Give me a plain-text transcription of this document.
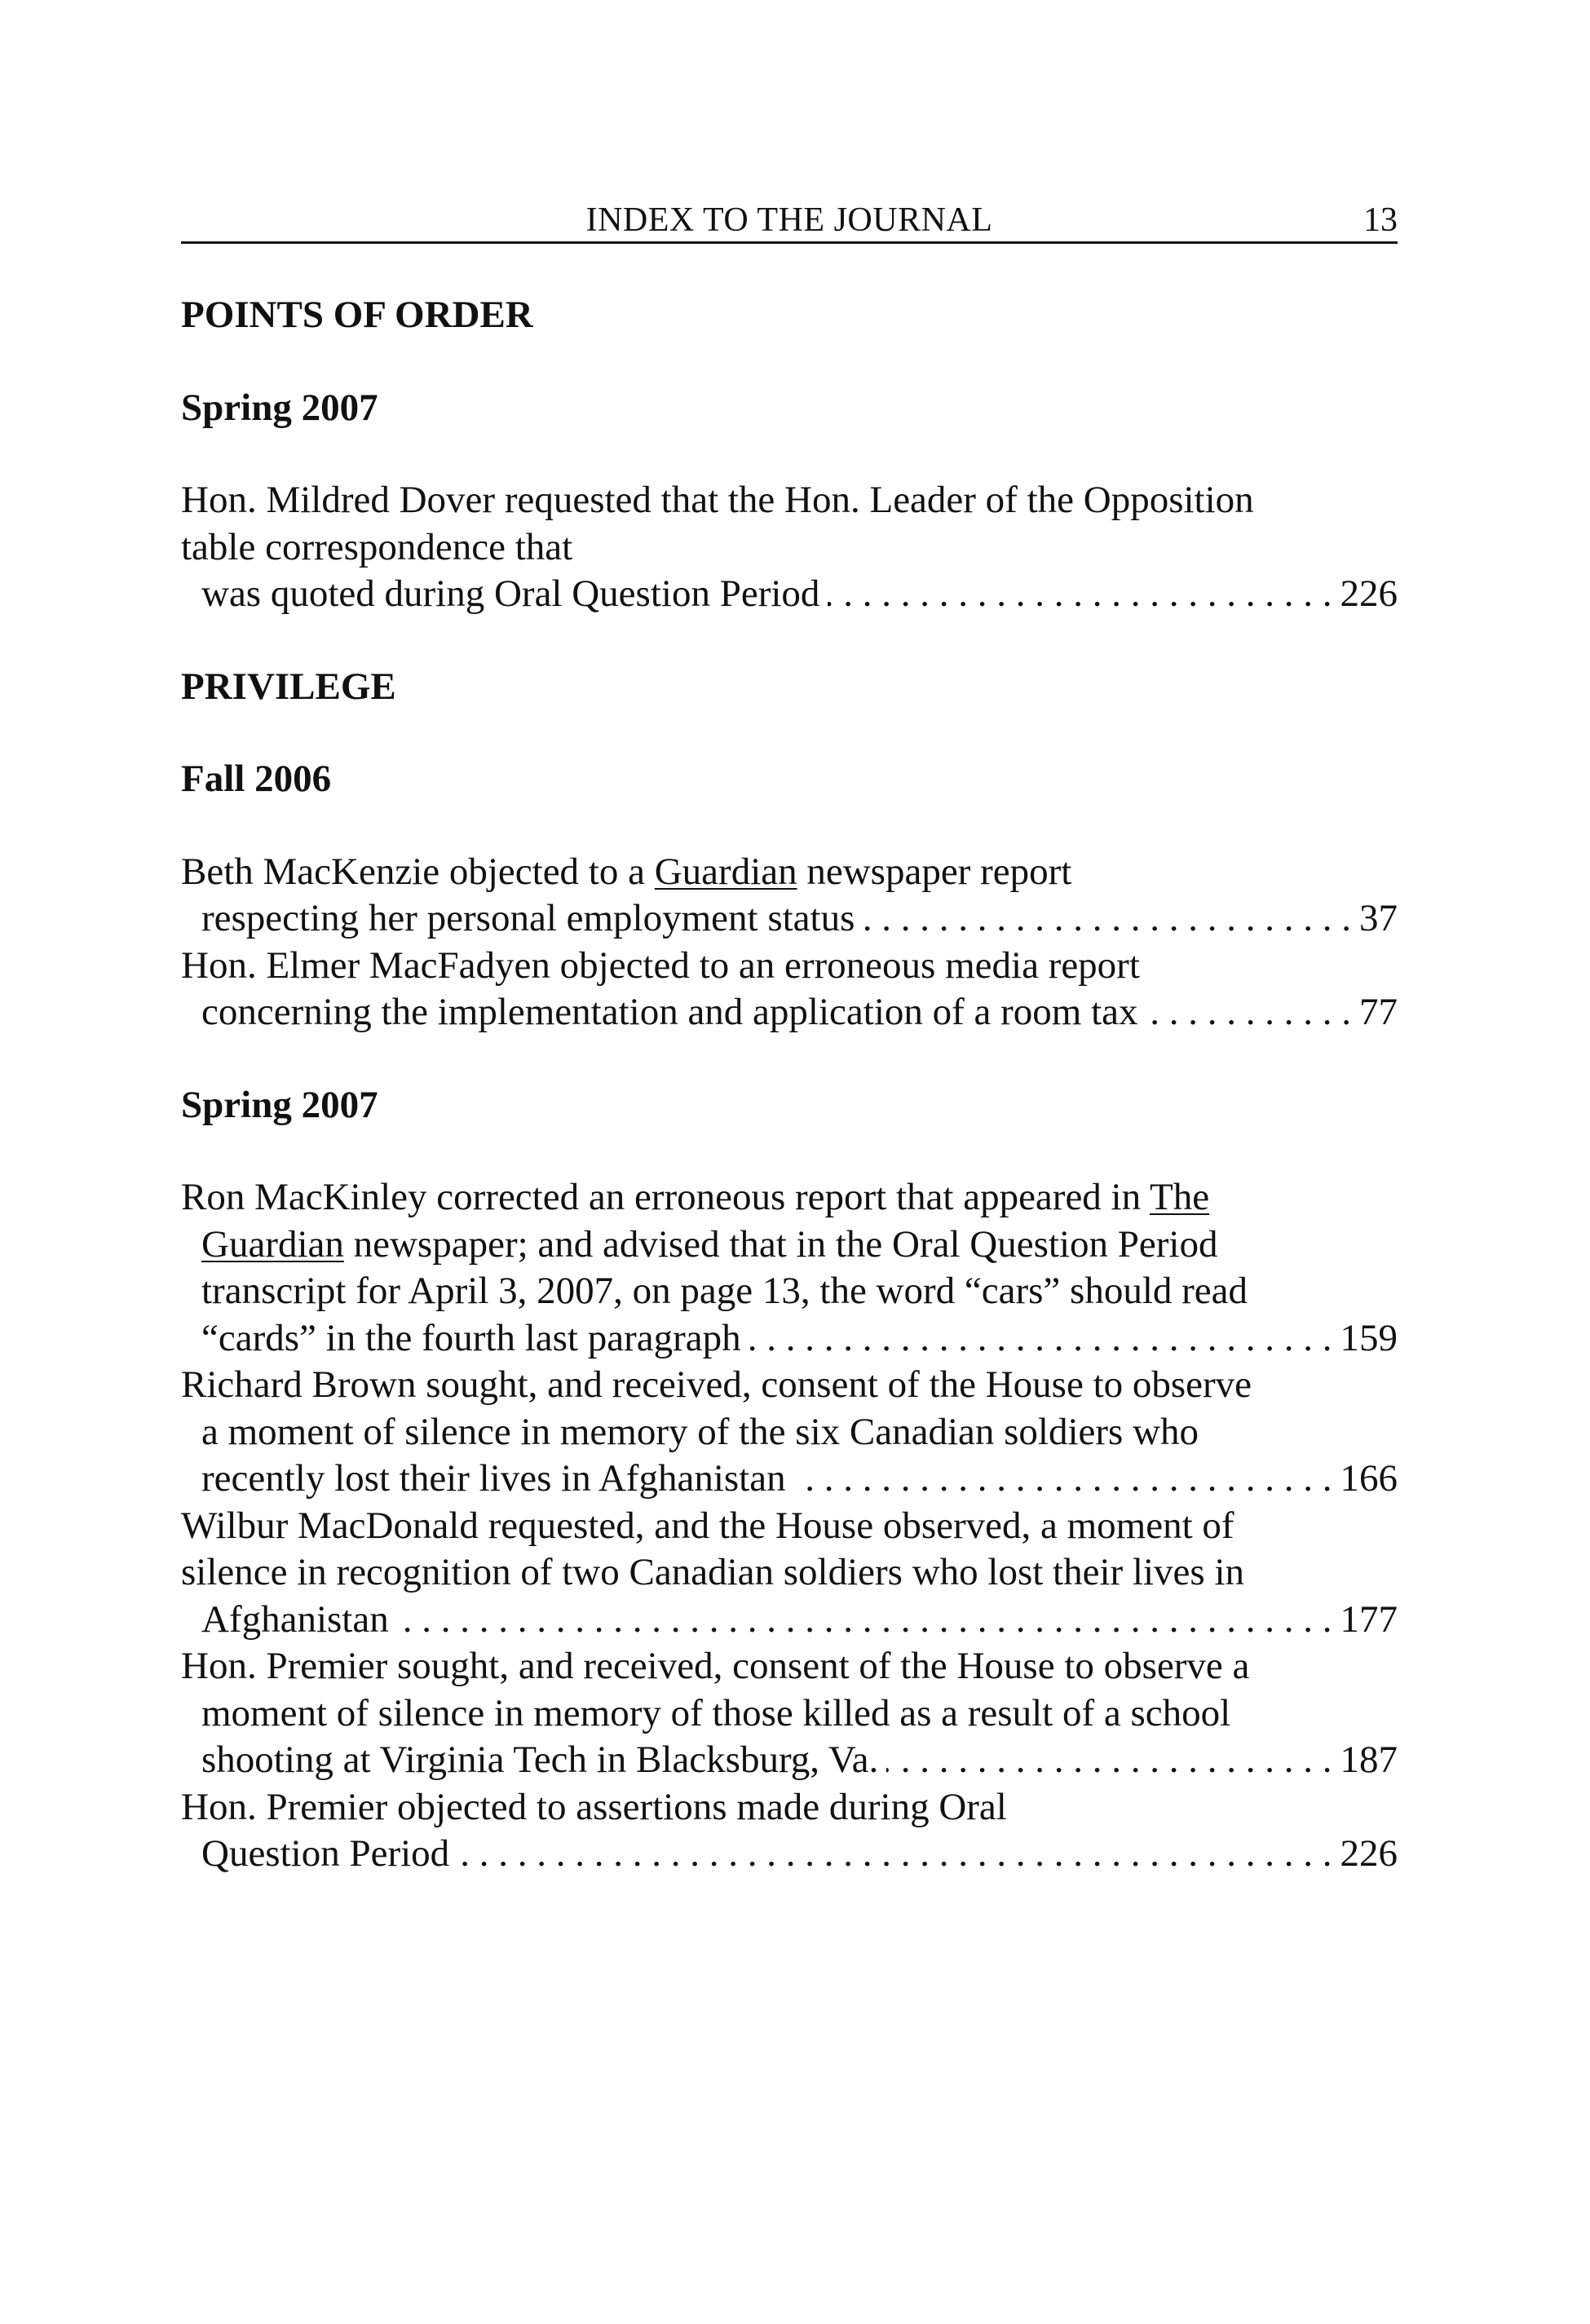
INDEX TO THE JOURNAL	13
POINTS OF ORDER
Spring 2007
Hon. Mildred Dover requested that the Hon. Leader of the Opposition
table correspondence that
was quoted during Oral Question Period . . .	226
PRIVILEGE
Fall 2006
Beth MacKenzie objected to a Guardian newspaper report
respecting her personal employment status . . .	37
Hon. Elmer MacFadyen objected to an erroneous media report
concerning the implementation and application of a room tax . . .	77
Spring 2007
Ron MacKinley corrected an erroneous report that appeared in The
Guardian newspaper; and advised that in the Oral Question Period
transcript for April 3, 2007, on page 13, the word “cars” should read
“cards” in the fourth last paragraph . . .	159
Richard Brown sought, and received, consent of the House to observe
a moment of silence in memory of the six Canadian soldiers who
recently lost their lives in Afghanistan . . .	166
Wilbur MacDonald requested, and the House observed, a moment of
silence in recognition of two Canadian soldiers who lost their lives in
Afghanistan . . .	177
Hon. Premier sought, and received, consent of the House to observe a
moment of silence in memory of those killed as a result of a school
shooting at Virginia Tech in Blacksburg, Va. . . .	187
Hon. Premier objected to assertions made during Oral
Question Period . . .	226
